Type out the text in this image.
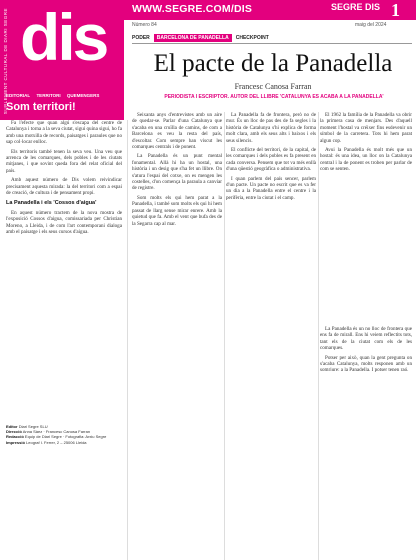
WWW.SEGRE.COM/DIS	SEGRE DIS 1
Número 84	maig del 2024
SUPLEMENT CULTURAL DE DIARI SEGRE dis
EDITORIAL TERRITORI QUEMENGERS
Som territori!
PODER	BARCELONA DE PANADELLA	CHECKPOINT
El pacte de la Panadella
Francesc Canosa Farran
PERIODISTA I ESCRIPTOR. AUTOR DEL LLIBRE 'CATALUNYA ES ACABA A LA PANADELLA'

Fa l'efecte que quan algú s'escapa del centre de Catalunya i torna a la seva ciutat, sigui quina sigui, ho fa amb una motxilla de records, paisatges i paraules que no sap col·locar enlloc.

Els territoris també tenen la seva veu. Una veu que arrenca de les comarques, dels pobles i de les ciutats mitjanes, i que sovint queda fora del relat oficial del país.

Amb aquest número de Dis volem reivindicar precisament aquesta mirada: la del territori com a espai de creació, de cultura i de pensament propi.

La Panadella i els 'Cossos d'aigua'

En aquest número tractem de la nova mostra de l'exposició Cossos d'aigua, comissariada per Christian Moreno, a Lleida, i de com l'art contemporani dialoga amb el paisatge i els seus cursos d'aigua.

Editor Diari Segre SLU
Direcció Anna Sàez · Francesc Canosa Farran
Redacció Equip de Diari Segre · Fotografia: Arxiu Segre
Impressió Leograf I. Ferrer, 2 – 25006 Lleida

Seixanta anys d'entrevistes amb un aire de quedar-se. Parlar d'una Catalunya que s'acaba en una cruïlla de camins, de com a Barcelona es veu la resta del país, d'escoltar. Com sempre han viscut les comarques centrals i de ponent.

La Panadella és un punt mental fonamental. Allà hi ha un hostal, una història i un desig que s'ha fet un llibre. On s'atura l'espai del cotxe, on es mengen les costelles, d'on comença la paraula a canviar de registre.

Som molts els qui hem parat a la Panadella, i també som molts els qui hi hem passat de llarg sense mirar enrere. Amb la quietud que fa. Amb el vent que bufa des de la Segarra cap al mar.

La Panadella fa de frontera, però no de mur. És un lloc de pas des de fa segles i la història de Catalunya s'hi explica de forma molt clara, amb els seus alts i baixos i els seus silencis.

El conflicte del territori, de la capital, de les comarques i dels pobles es fa present en cada conversa. Pensem que tot va més enllà d'una qüestió geogràfica o administrativa.

I quan parlem del país sencer, parlem d'un pacte. Un pacte no escrit que es va fer un dia a la Panadella entre el centre i la perifèria, entre la ciutat i el camp.

El 1962 la família de la Panadella va obrir la primera casa de menjars. Des d'aquell moment l'hostal va créixer fins esdevenir un símbol de la carretera. Tots hi hem parat algun cop.

Avui la Panadella és molt més que un hostal: és una idea, un lloc on la Catalunya central i la de ponent es troben per parlar de com se senten.

La Panadella és un no lloc de frontera que ens fa de mirall. Ens hi veiem reflectits tots, tant els de la ciutat com els de les comarques.

Potser per això, quan la gent pregunta on s'acaba Catalunya, molts responen amb un somriure: a la Panadella. I potser tenen raó.
